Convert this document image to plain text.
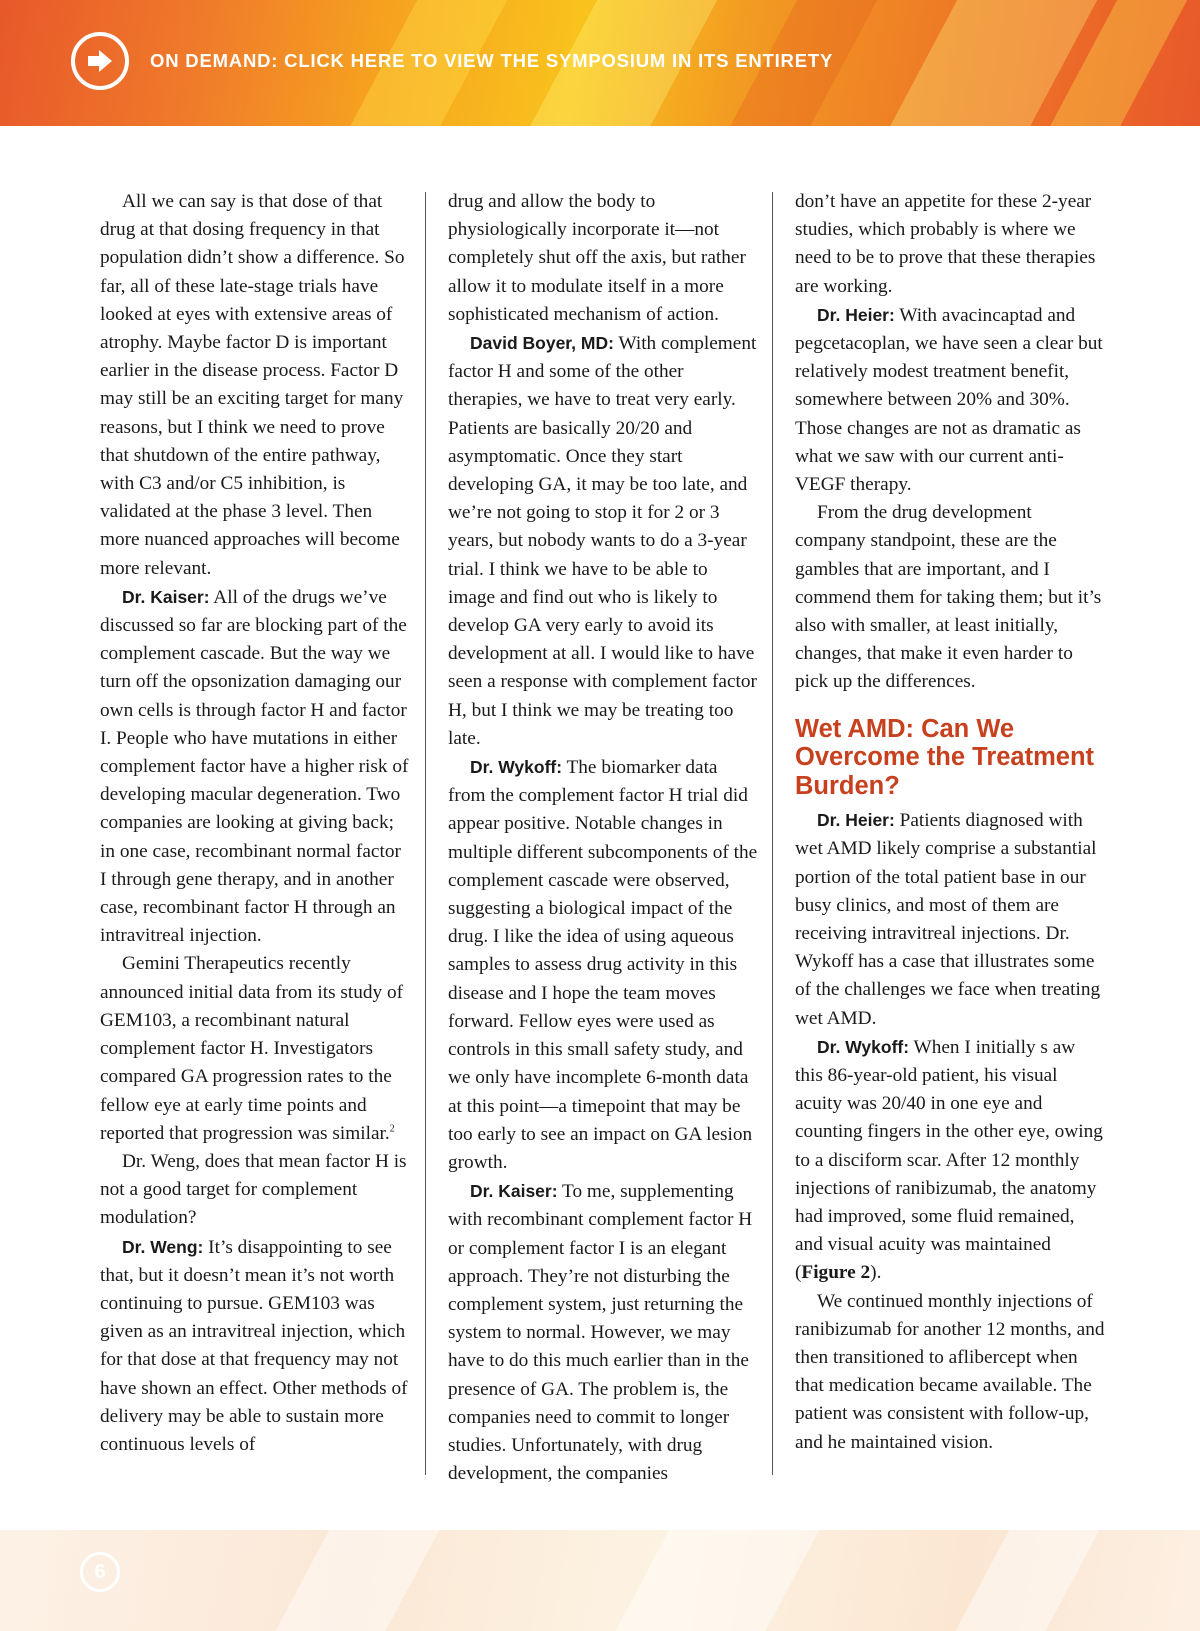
ON DEMAND: CLICK HERE TO VIEW THE SYMPOSIUM IN ITS ENTIRETY

All we can say is that dose of that drug at that dosing frequency in that population didn’t show a difference. So far, all of these late-stage trials have looked at eyes with extensive areas of atrophy. Maybe factor D is important earlier in the disease process. Factor D may still be an exciting target for many reasons, but I think we need to prove that shutdown of the entire pathway, with C3 and/or C5 inhibition, is validated at the phase 3 level. Then more nuanced approaches will become more relevant.

Dr. Kaiser: All of the drugs we’ve discussed so far are blocking part of the complement cascade. But the way we turn off the opsonization damaging our own cells is through factor H and factor I. People who have mutations in either complement factor have a higher risk of developing macular degeneration. Two companies are looking at giving back; in one case, recombinant normal factor I through gene therapy, and in another case, recombinant factor H through an intravitreal injection.

Gemini Therapeutics recently announced initial data from its study of GEM103, a recombinant natural complement factor H. Investigators compared GA progression rates to the fellow eye at early time points and reported that progression was similar.$^2$

Dr. Weng, does that mean factor H is not a good target for complement modulation?

Dr. Weng: It’s disappointing to see that, but it doesn’t mean it’s not worth continuing to pursue. GEM103 was given as an intravitreal injection, which for that dose at that frequency may not have shown an effect. Other methods of delivery may be able to sustain more continuous levels of

drug and allow the body to physiologically incorporate it—not completely shut off the axis, but rather allow it to modulate itself in a more sophisticated mechanism of action.

David Boyer, MD: With complement factor H and some of the other therapies, we have to treat very early. Patients are basically 20/20 and asymptomatic. Once they start developing GA, it may be too late, and we’re not going to stop it for 2 or 3 years, but nobody wants to do a 3-year trial. I think we have to be able to image and find out who is likely to develop GA very early to avoid its development at all. I would like to have seen a response with complement factor H, but I think we may be treating too late.

Dr. Wykoff: The biomarker data from the complement factor H trial did appear positive. Notable changes in multiple different subcomponents of the complement cascade were observed, suggesting a biological impact of the drug. I like the idea of using aqueous samples to assess drug activity in this disease and I hope the team moves forward. Fellow eyes were used as controls in this small safety study, and we only have incomplete 6-month data at this point—a timepoint that may be too early to see an impact on GA lesion growth.

Dr. Kaiser: To me, supplementing with recombinant complement factor H or complement factor I is an elegant approach. They’re not disturbing the complement system, just returning the system to normal. However, we may have to do this much earlier than in the presence of GA. The problem is, the companies need to commit to longer studies. Unfortunately, with drug development, the companies

don’t have an appetite for these 2-year studies, which probably is where we need to be to prove that these therapies are working.

Dr. Heier: With avacincaptad and pegcetacoplan, we have seen a clear but relatively modest treatment benefit, somewhere between 20% and 30%. Those changes are not as dramatic as what we saw with our current anti-VEGF therapy.

From the drug development company standpoint, these are the gambles that are important, and I commend them for taking them; but it’s also with smaller, at least initially, changes, that make it even harder to pick up the differences.

Wet AMD: Can We Overcome the Treatment Burden?

Dr. Heier: Patients diagnosed with wet AMD likely comprise a substantial portion of the total patient base in our busy clinics, and most of them are receiving intravitreal injections. Dr. Wykoff has a case that illustrates some of the challenges we face when treating wet AMD.

Dr. Wykoff: When I initially s aw this 86-year-old patient, his visual acuity was 20/40 in one eye and counting fingers in the other eye, owing to a disciform scar. After 12 monthly injections of ranibizumab, the anatomy had improved, some fluid remained, and visual acuity was maintained (Figure 2).

We continued monthly injections of ranibizumab for another 12 months, and then transitioned to aflibercept when that medication became available. The patient was consistent with follow-up, and he maintained vision.

6
